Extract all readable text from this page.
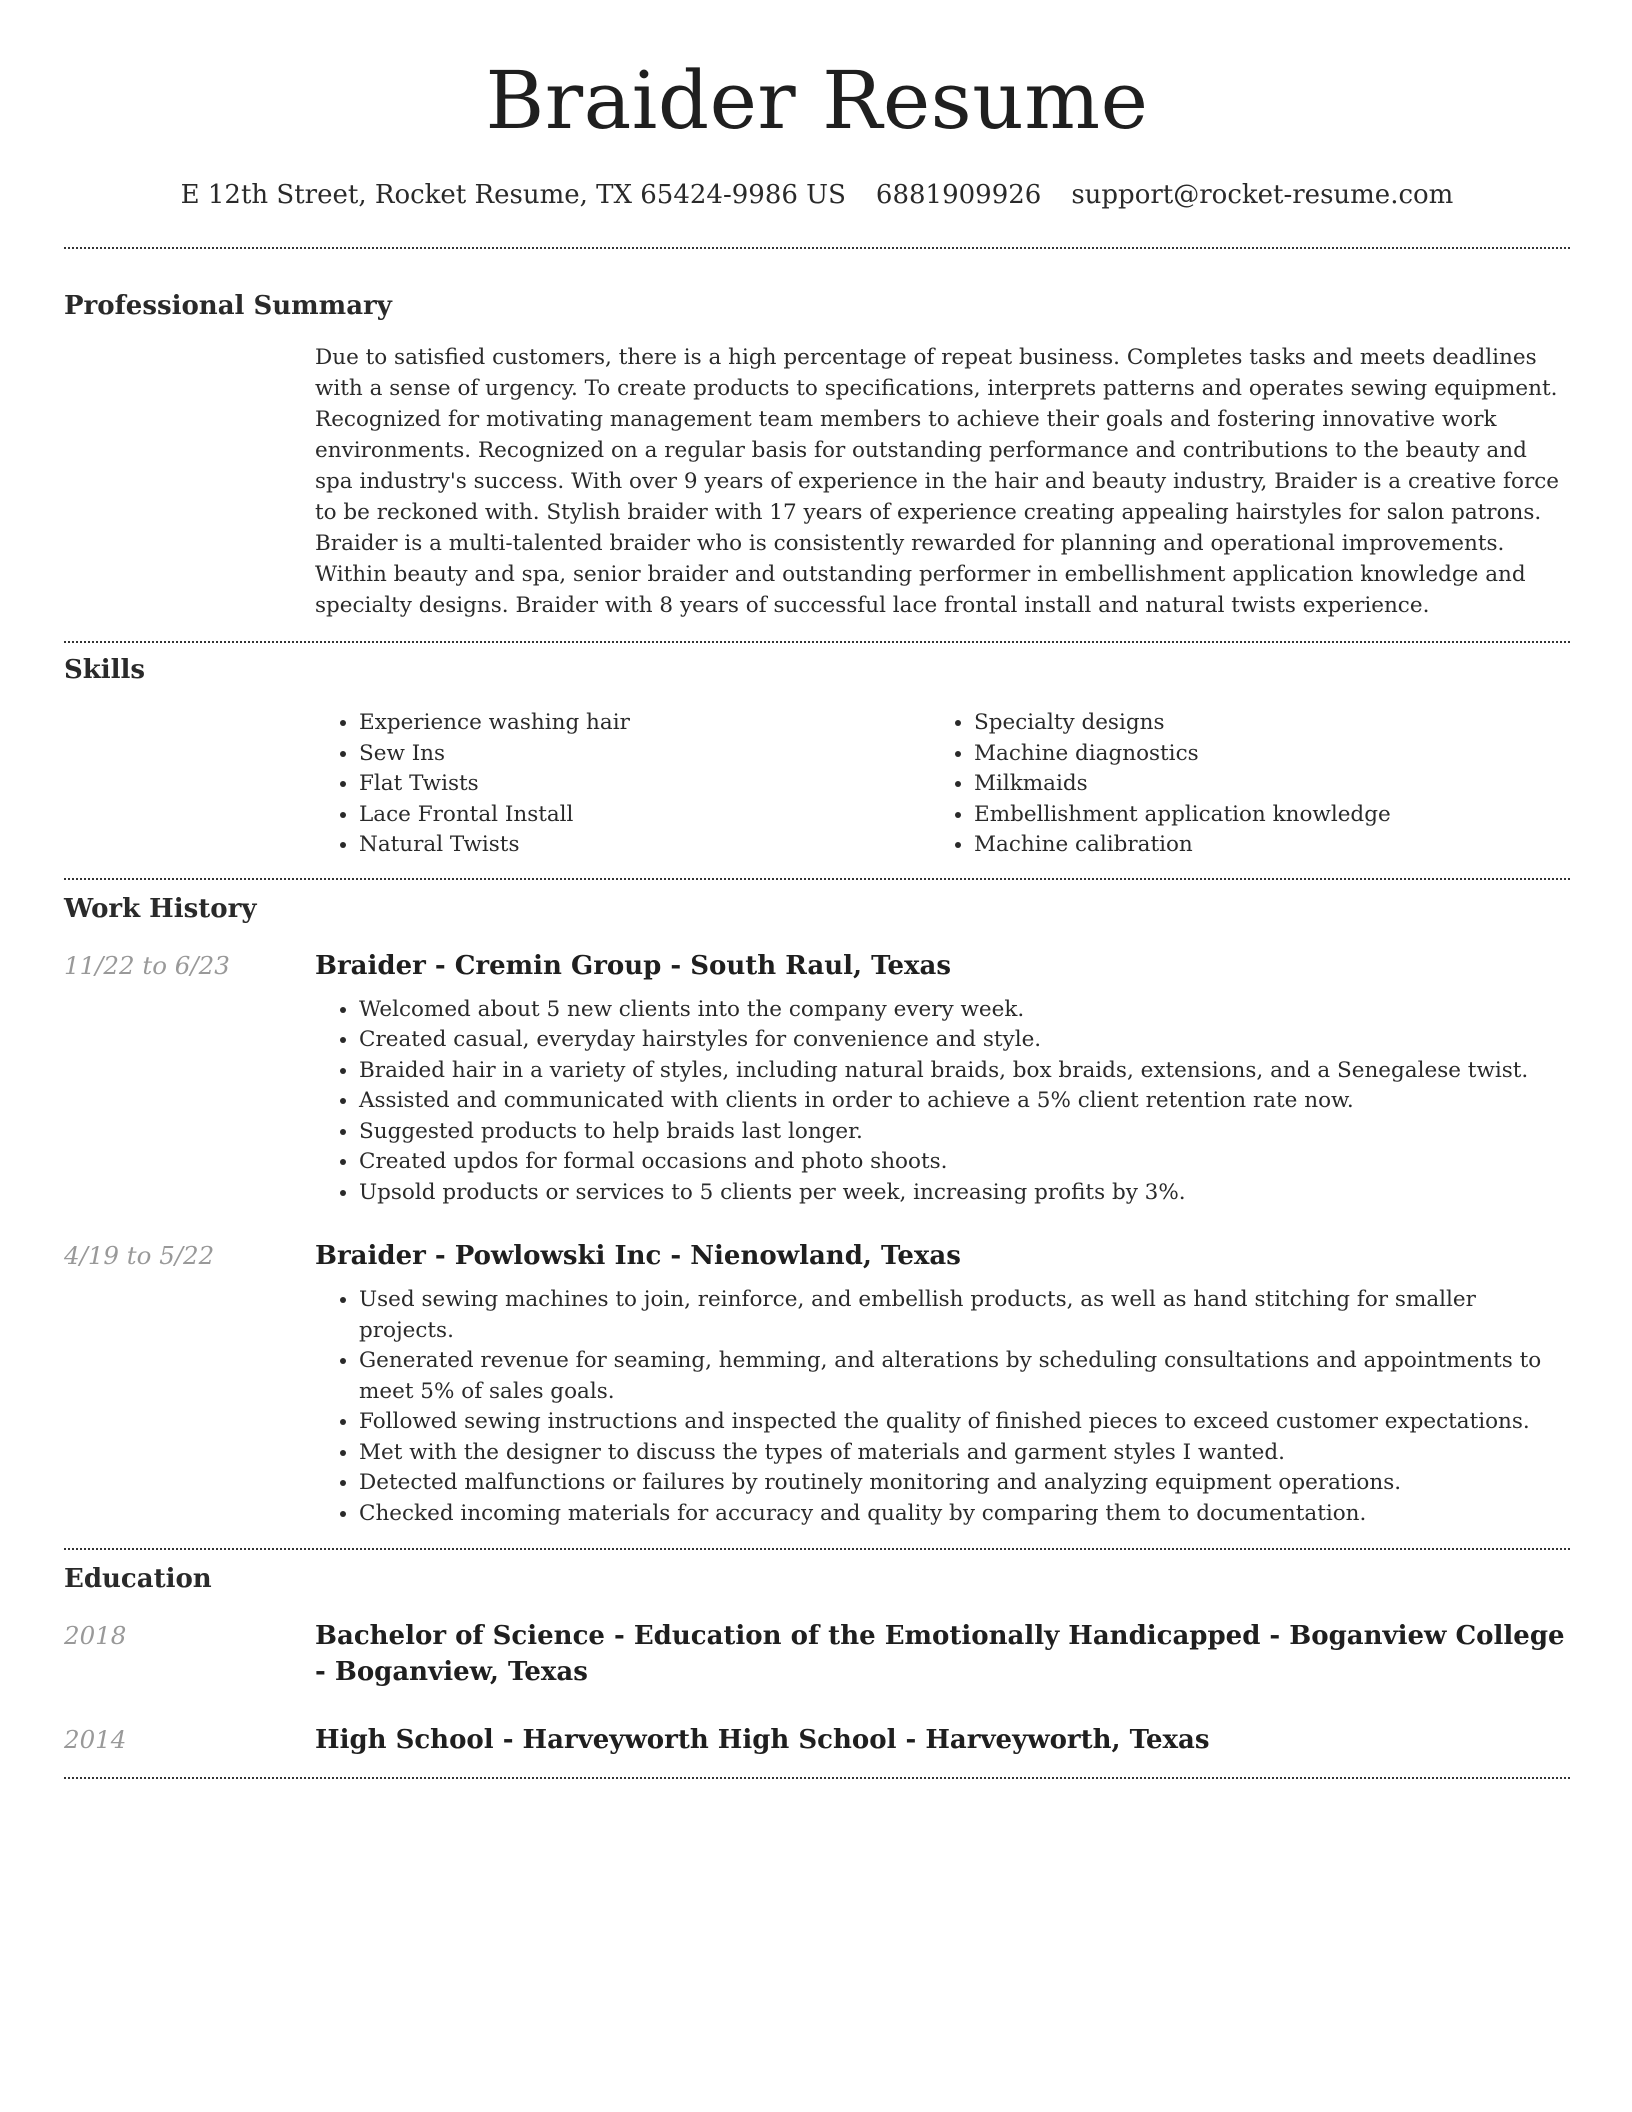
Braider Resume
E 12th Street, Rocket Resume, TX 65424-9986 US 6881909926 support@rocket-resume.com
Professional Summary

Due to satisfied customers, there is a high percentage of repeat business. Completes tasks and meets deadlines with a sense of urgency. To create products to specifications, interprets patterns and operates sewing equipment. Recognized for motivating management team members to achieve their goals and fostering innovative work environments. Recognized on a regular basis for outstanding performance and contributions to the beauty and spa industry's success. With over 9 years of experience in the hair and beauty industry, Braider is a creative force to be reckoned with. Stylish braider with 17 years of experience creating appealing hairstyles for salon patrons. Braider is a multi-talented braider who is consistently rewarded for planning and operational improvements. Within beauty and spa, senior braider and outstanding performer in embellishment application knowledge and specialty designs. Braider with 8 years of successful lace frontal install and natural twists experience.

Skills
• Experience washing hair
• Sew Ins
• Flat Twists
• Lace Frontal Install
• Natural Twists
• Specialty designs
• Machine diagnostics
• Milkmaids
• Embellishment application knowledge
• Machine calibration
Work History
11/22 to 6/23	Braider - Cremin Group - South Raul, Texas
• Welcomed about 5 new clients into the company every week.
• Created casual, everyday hairstyles for convenience and style.
• Braided hair in a variety of styles, including natural braids, box braids, extensions, and a Senegalese twist.
• Assisted and communicated with clients in order to achieve a 5% client retention rate now.
• Suggested products to help braids last longer.
• Created updos for formal occasions and photo shoots.
• Upsold products or services to 5 clients per week, increasing profits by 3%.
4/19 to 5/22	Braider - Powlowski Inc - Nienowland, Texas
• Used sewing machines to join, reinforce, and embellish products, as well as hand stitching for smaller projects.
• Generated revenue for seaming, hemming, and alterations by scheduling consultations and appointments to meet 5% of sales goals.
• Followed sewing instructions and inspected the quality of finished pieces to exceed customer expectations.
• Met with the designer to discuss the types of materials and garment styles I wanted.
• Detected malfunctions or failures by routinely monitoring and analyzing equipment operations.
• Checked incoming materials for accuracy and quality by comparing them to documentation.
Education
2018	Bachelor of Science - Education of the Emotionally Handicapped - Boganview College - Boganview, Texas
2014	High School - Harveyworth High School - Harveyworth, Texas
